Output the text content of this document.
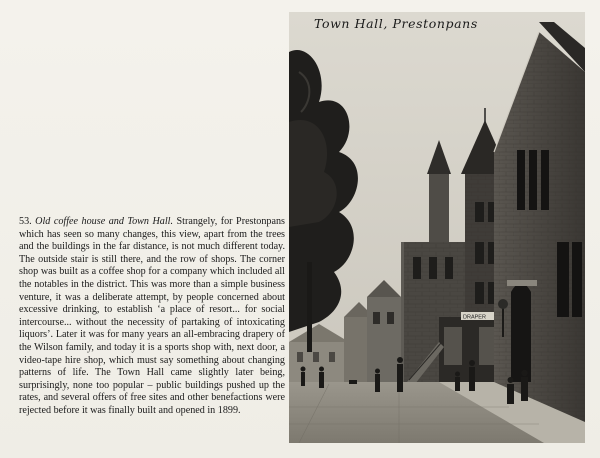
53. Old coffee house and Town Hall. Strangely, for Prestonpans which has seen so many changes, this view, apart from the trees and the buildings in the far distance, is not much different today. The outside stair is still there, and the row of shops. The corner shop was built as a coffee shop for a company which included all the notables in the district. This was more than a simple business venture, it was a deliberate attempt, by people concerned about excessive drinking, to establish ‘a place of resort... for social intercourse... without the necessity of partaking of intoxicating liquors’. Later it was for many years an all-embracing drapery of the Wilson family, and today it is a sports shop with, next door, a video-tape hire shop, which must say something about changing patterns of life. The Town Hall came slightly later being, surprisingly, none too popular – public buildings pushed up the rates, and several offers of free sites and other benefactions were rejected before it was finally built and opened in 1899.
DRAPER
Town Hall, Prestonpans
